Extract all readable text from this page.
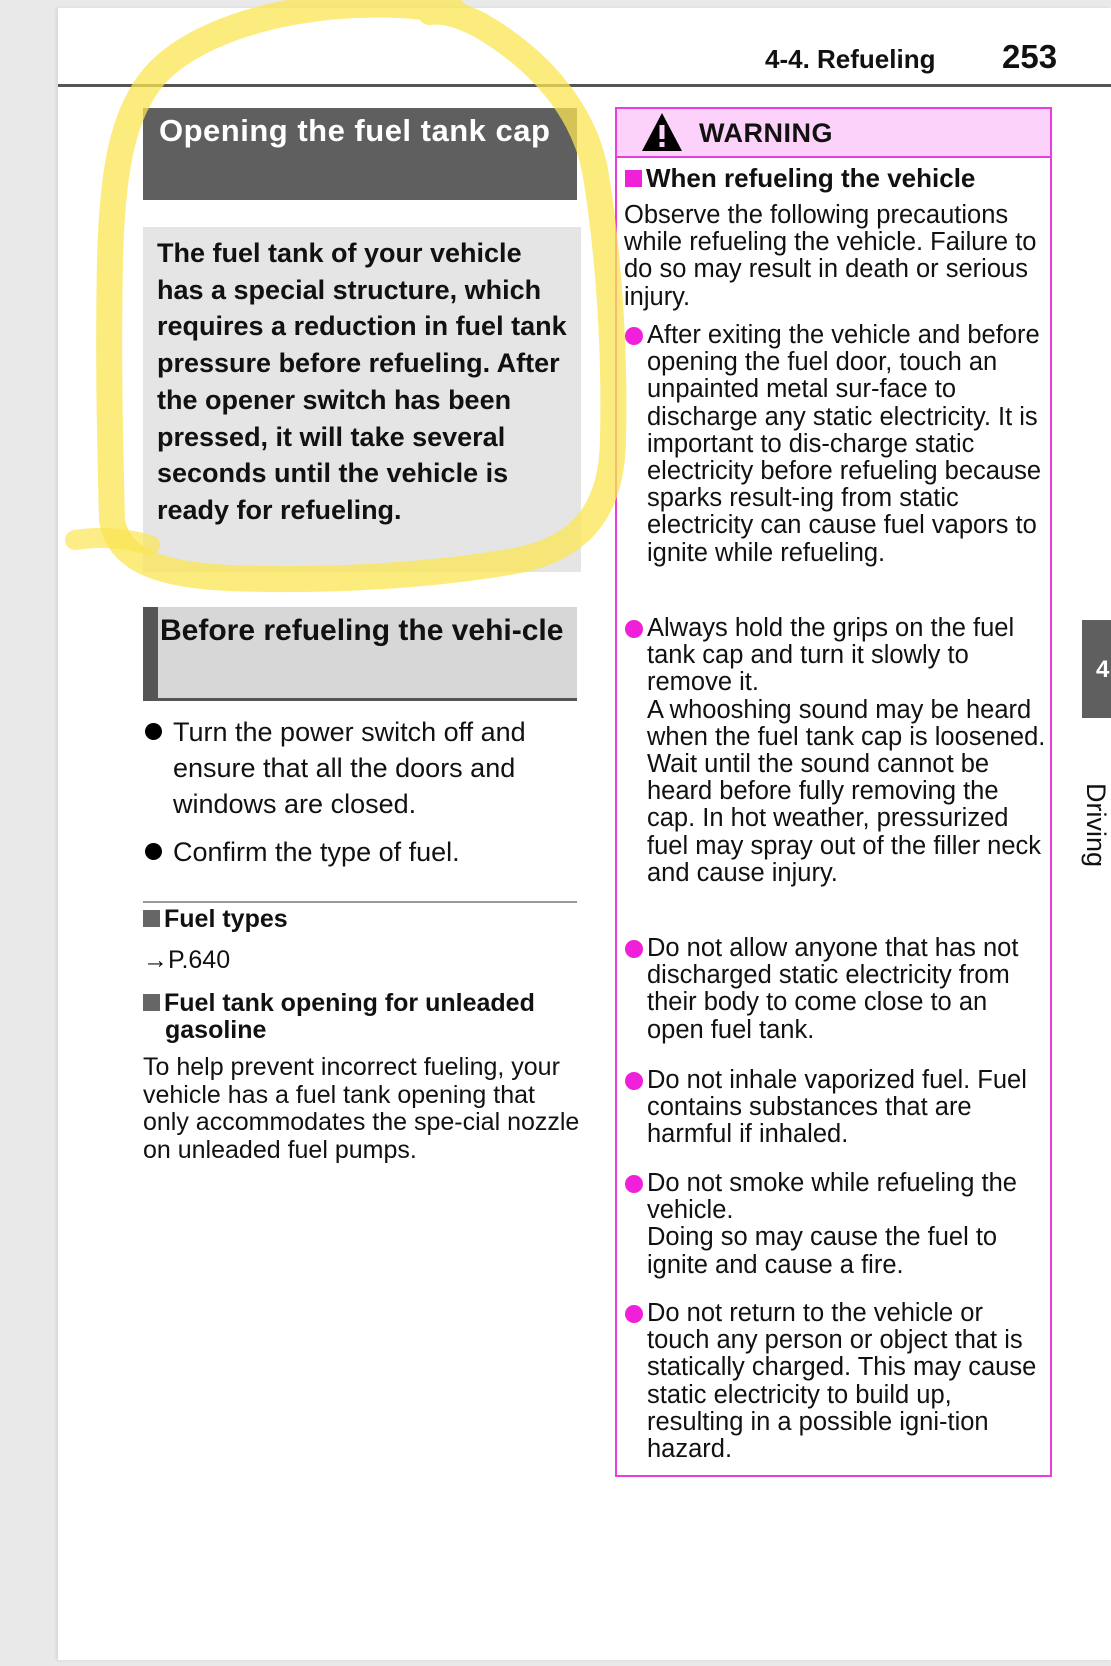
4-4. Refueling 253
Opening the fuel tank cap
The fuel tank of your vehicle has a special structure, which requires a reduction in fuel tank pressure before refueling. After the opener switch has been pressed, it will take several seconds until the vehicle is ready for refueling.
Before refueling the vehi-cle
Turn the power switch off and ensure that all the doors and windows are closed.
Confirm the type of fuel.
Fuel types
→P.640
Fuel tank opening for unleaded gasoline
To help prevent incorrect fueling, your vehicle has a fuel tank opening that only accommodates the spe-cial nozzle on unleaded fuel pumps.
WARNING
When refueling the vehicle
Observe the following precautions while refueling the vehicle. Failure to do so may result in death or serious injury.
After exiting the vehicle and before opening the fuel door, touch an unpainted metal sur-face to discharge any static electricity. It is important to dis-charge static electricity before refueling because sparks result-ing from static electricity can cause fuel vapors to ignite while refueling.
Always hold the grips on the fuel tank cap and turn it slowly to remove it.
A whooshing sound may be heard when the fuel tank cap is loosened. Wait until the sound cannot be heard before fully removing the cap. In hot weather, pressurized fuel may spray out of the filler neck and cause injury.
Do not allow anyone that has not discharged static electricity from their body to come close to an open fuel tank.
Do not inhale vaporized fuel. Fuel contains substances that are harmful if inhaled.
Do not smoke while refueling the vehicle.
Doing so may cause the fuel to ignite and cause a fire.
Do not return to the vehicle or touch any person or object that is statically charged. This may cause static electricity to build up, resulting in a possible igni-tion hazard.
4
Driving
